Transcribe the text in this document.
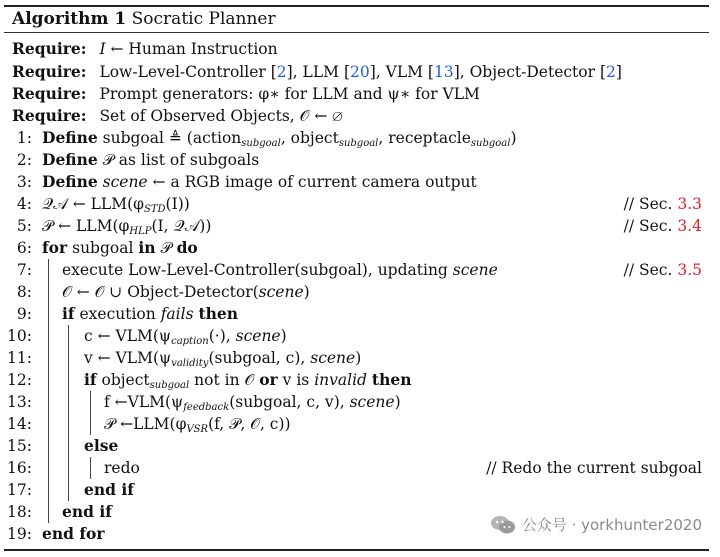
Algorithm 1 Socratic Planner
Require: I ← Human Instruction
Require: Low-Level-Controller [2], LLM [20], VLM [13], Object-Detector [2]
Require: Prompt generators: φ∗ for LLM and ψ∗ for VLM
Require: Set of Observed Objects, 𝒪 ← ∅
1: Define subgoal ≜ (action$_{subgoal}$, object$_{subgoal}$, receptacle$_{subgoal}$)
2: Define 𝒫 as list of subgoals
3: Define scene ← a RGB image of current camera output
4: 𝒬𝒜 ← $LLM(\varphi_{STD}(I))$	// Sec. 3.3
5: 𝒫 ← $LLM(\varphi_{HLP}(I$, 𝒬𝒜))	// Sec. 3.4
6: for subgoal in 𝒫 do
7: execute Low-Level-Controller(subgoal), updating scene	// Sec. 3.5
8: 𝒪 ← 𝒪 ∪ Object-Detector(scene)
9: if execution fails then
10:	c ← $VLM(\psi_{caption}(\cdot)$, scene)
11:	v ← $VLM(\psi_{validity}(subgoal$, c), scene)
12:	if object$_{subgoal}$ not in 𝒪 or v is invalid then
13:	f $\leftarrow VLM(\psi_{feedback}(subgoal$, c, v), scene)
14:	𝒫 $\leftarrow LLM(\varphi_{VSR}(f$, 𝒫, 𝒪, c))
15:	else
16:	redo	// Redo the current subgoal
17:	end if
18: end if
19: end for	公众号 · yorkhunter2020
